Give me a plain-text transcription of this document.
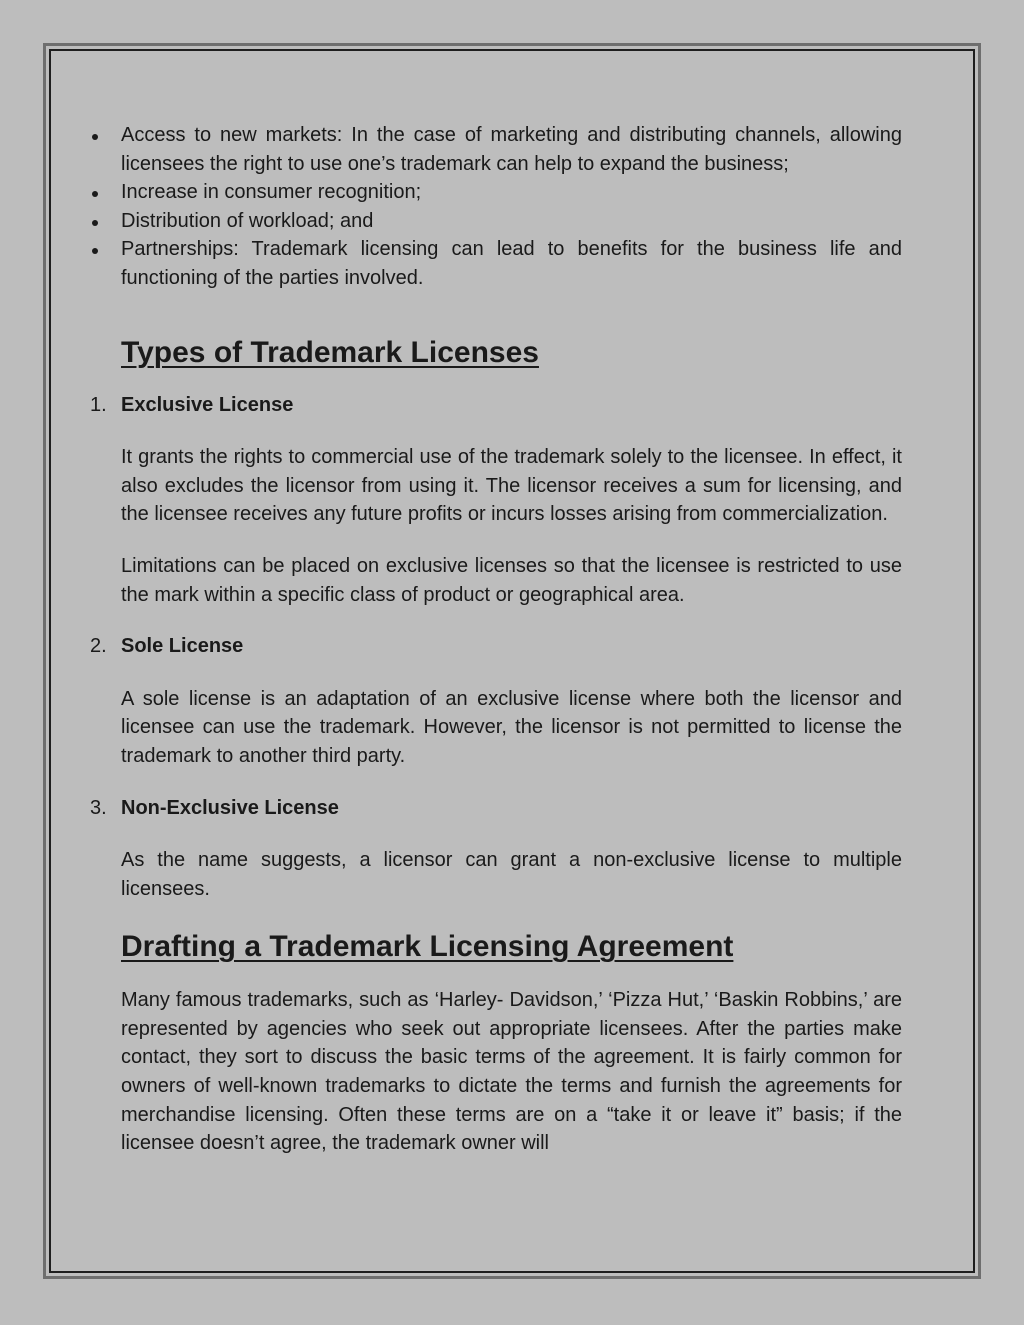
Access to new markets: In the case of marketing and distributing channels, allowing licensees the right to use one’s trademark can help to expand the business;

Increase in consumer recognition;

Distribution of workload; and

Partnerships: Trademark licensing can lead to benefits for the business life and functioning of the parties involved.

Types of Trademark Licenses
1. Exclusive License

It grants the rights to commercial use of the trademark solely to the licensee. In effect, it also excludes the licensor from using it. The licensor receives a sum for licensing, and the licensee receives any future profits or incurs losses arising from commercialization.

Limitations can be placed on exclusive licenses so that the licensee is restricted to use the mark within a specific class of product or geographical area.

2. Sole License

A sole license is an adaptation of an exclusive license where both the licensor and licensee can use the trademark. However, the licensor is not permitted to license the trademark to another third party.

3. Non-Exclusive License

As the name suggests, a licensor can grant a non-exclusive license to multiple licensees.

Drafting a Trademark Licensing Agreement

Many famous trademarks, such as ‘Harley- Davidson,’ ‘Pizza Hut,’ ‘Baskin Robbins,’ are represented by agencies who seek out appropriate licensees. After the parties make contact, they sort to discuss the basic terms of the agreement. It is fairly common for owners of well-known trademarks to dictate the terms and furnish the agreements for merchandise licensing. Often these terms are on a “take it or leave it” basis; if the licensee doesn’t agree, the trademark owner will
